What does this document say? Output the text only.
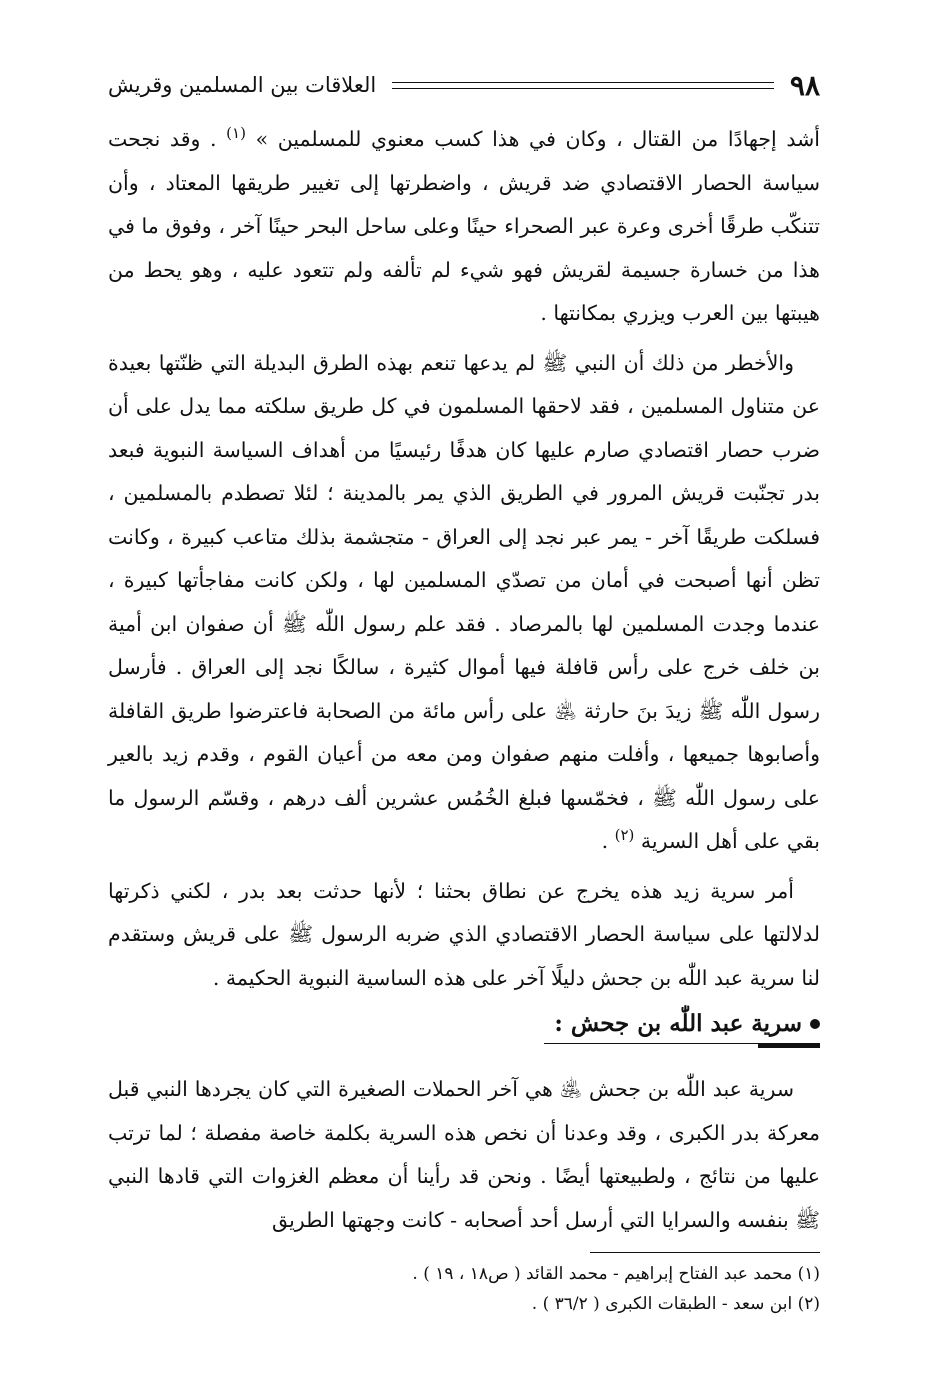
٩٨
العلاقات بين المسلمين وقريش

أشد إجهادًا من القتال ، وكان في هذا كسب معنوي للمسلمين » $^{(١)}$ . وقد نجحت سياسة الحصار الاقتصادي ضد قريش ، واضطرتها إلى تغيير طريقها المعتاد ، وأن تتنكّب طرقًا أخرى وعرة عبر الصحراء حينًا وعلى ساحل البحر حينًا آخر ، وفوق ما في هذا من خسارة جسيمة لقريش فهو شيء لم تألفه ولم تتعود عليه ، وهو يحط من هيبتها بين العرب ويزري بمكانتها .

والأخطر من ذلك أن النبي ﷺ لم يدعها تنعم بهذه الطرق البديلة التي ظنّتها بعيدة عن متناول المسلمين ، فقد لاحقها المسلمون في كل طريق سلكته مما يدل على أن ضرب حصار اقتصادي صارم عليها كان هدفًا رئيسيًا من أهداف السياسة النبوية فبعد بدر تجنّبت قريش المرور في الطريق الذي يمر بالمدينة ؛ لئلا تصطدم بالمسلمين ، فسلكت طريقًا آخر - يمر عبر نجد إلى العراق - متجشمة بذلك متاعب كبيرة ، وكانت تظن أنها أصبحت في أمان من تصدّي المسلمين لها ، ولكن كانت مفاجأتها كبيرة ، عندما وجدت المسلمين لها بالمرصاد . فقد علم رسول اللّٰه ﷺ أن صفوان ابن أمية بن خلف خرج على رأس قافلة فيها أموال كثيرة ، سالكًا نجد إلى العراق . فأرسل رسول اللّٰه ﷺ زيدَ بنَ حارثة ﵁ على رأس مائة من الصحابة فاعترضوا طريق القافلة وأصابوها جميعها ، وأفلت منهم صفوان ومن معه من أعيان القوم ، وقدم زيد بالعير على رسول اللّٰه ﷺ ، فخمّسها فبلغ الخُمُس عشرين ألف درهم ، وقسّم الرسول ما بقي على أهل السرية $^{(٢)}$ .

أمر سرية زيد هذه يخرج عن نطاق بحثنا ؛ لأنها حدثت بعد بدر ، لكني ذكرتها لدلالتها على سياسة الحصار الاقتصادي الذي ضربه الرسول ﷺ على قريش وستقدم لنا سرية عبد اللّٰه بن جحش دليلًا آخر على هذه الساسية النبوية الحكيمة .

سرية عبد اللّٰه بن جحش :

سرية عبد اللّٰه بن جحش ﵁ هي آخر الحملات الصغيرة التي كان يجردها النبي قبل معركة بدر الكبرى ، وقد وعدنا أن نخص هذه السرية بكلمة خاصة مفصلة ؛ لما ترتب عليها من نتائج ، ولطبيعتها أيضًا . ونحن قد رأينا أن معظم الغزوات التي قادها النبي ﷺ بنفسه والسرايا التي أرسل أحد أصحابه - كانت وجهتها الطريق

(١) محمد عبد الفتاح إبراهيم - محمد القائد ( ص١٨ ، ١٩ ) .

(٢) ابن سعد - الطبقات الكبرى ( ٣٦/٢ ) .
